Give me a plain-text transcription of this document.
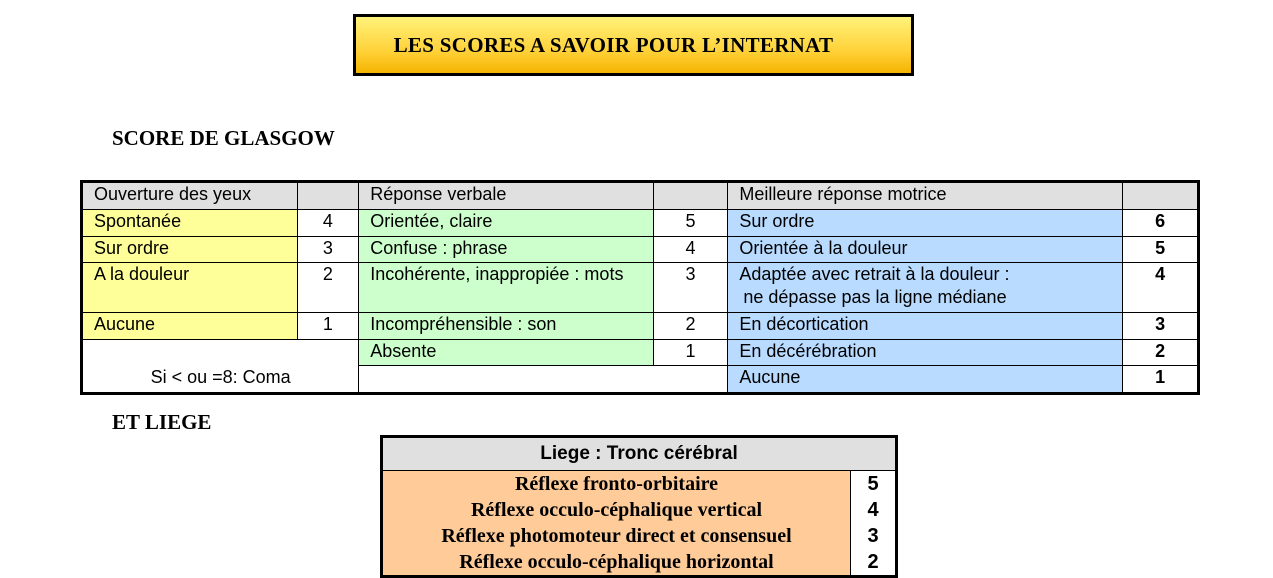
LES SCORES A SAVOIR POUR L’INTERNAT
SCORE DE GLASGOW
Ouverture des yeux		Réponse verbale		Meilleure réponse motrice	
Spontanée	4	Orientée, claire	5	Sur ordre	6
Sur ordre	3	Confuse : phrase	4	Orientée à la douleur	5
A la douleur	2	Incohérente, inappropiée : mots	3	Adaptée avec retrait à la douleur :
ne dépasse pas la ligne médiane	4
Aucune	1	Incompréhensible : son	2	En décortication	3
Si < ou =8: Coma		Absente	1	En décérébration	2
				Aucune	1
ET LIEGE
Liege : Tronc cérébral	
Réflexe fronto-orbitaire	5
Réflexe occulo-céphalique vertical	4
Réflexe photomoteur direct et consensuel	3
Réflexe occulo-céphalique horizontal	2
